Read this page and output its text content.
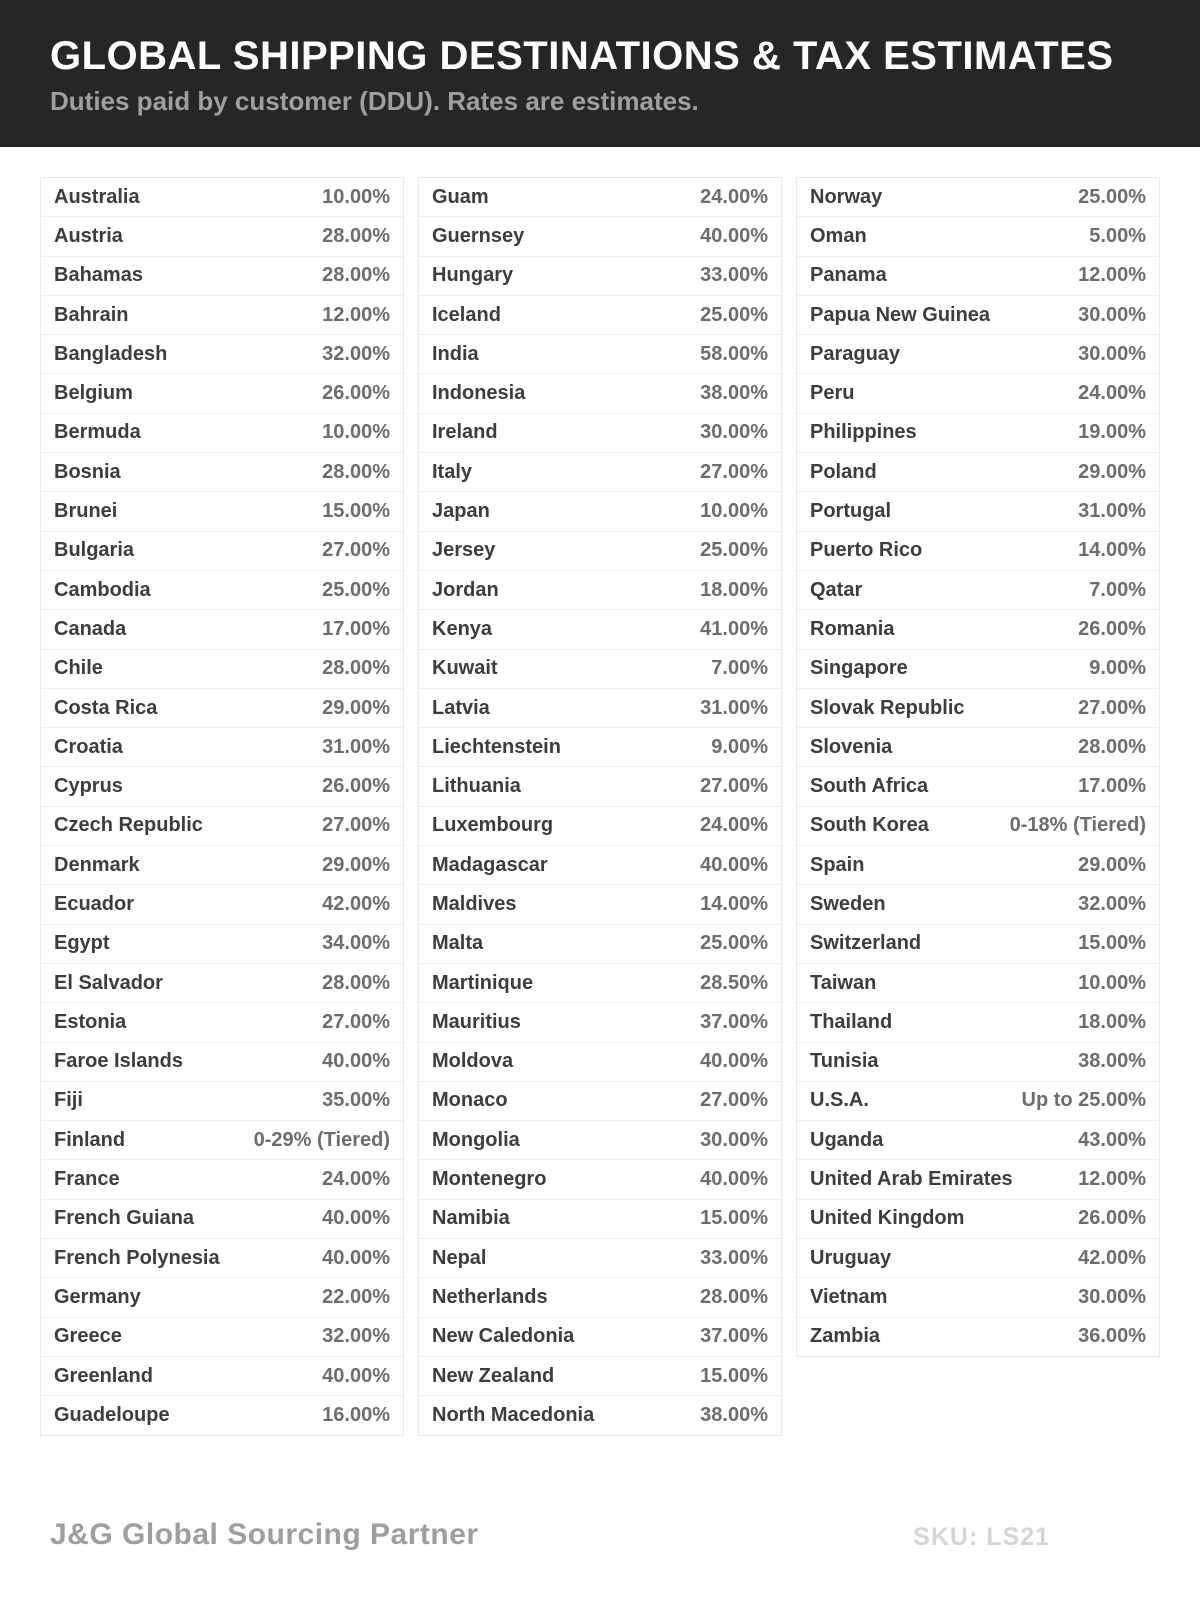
GLOBAL SHIPPING DESTINATIONS & TAX ESTIMATES

Duties paid by customer (DDU). Rates are estimates.

Australia	10.00%
Austria	28.00%
Bahamas	28.00%
Bahrain	12.00%
Bangladesh	32.00%
Belgium	26.00%
Bermuda	10.00%
Bosnia	28.00%
Brunei	15.00%
Bulgaria	27.00%
Cambodia	25.00%
Canada	17.00%
Chile	28.00%
Costa Rica	29.00%
Croatia	31.00%
Cyprus	26.00%
Czech Republic	27.00%
Denmark	29.00%
Ecuador	42.00%
Egypt	34.00%
El Salvador	28.00%
Estonia	27.00%
Faroe Islands	40.00%
Fiji	35.00%
Finland	0-29% (Tiered)
France	24.00%
French Guiana	40.00%
French Polynesia	40.00%
Germany	22.00%
Greece	32.00%
Greenland	40.00%
Guadeloupe	16.00%
Guam	24.00%
Guernsey	40.00%
Hungary	33.00%
Iceland	25.00%
India	58.00%
Indonesia	38.00%
Ireland	30.00%
Italy	27.00%
Japan	10.00%
Jersey	25.00%
Jordan	18.00%
Kenya	41.00%
Kuwait	7.00%
Latvia	31.00%
Liechtenstein	9.00%
Lithuania	27.00%
Luxembourg	24.00%
Madagascar	40.00%
Maldives	14.00%
Malta	25.00%
Martinique	28.50%
Mauritius	37.00%
Moldova	40.00%
Monaco	27.00%
Mongolia	30.00%
Montenegro	40.00%
Namibia	15.00%
Nepal	33.00%
Netherlands	28.00%
New Caledonia	37.00%
New Zealand	15.00%
North Macedonia	38.00%
Norway	25.00%
Oman	5.00%
Panama	12.00%
Papua New Guinea	30.00%
Paraguay	30.00%
Peru	24.00%
Philippines	19.00%
Poland	29.00%
Portugal	31.00%
Puerto Rico	14.00%
Qatar	7.00%
Romania	26.00%
Singapore	9.00%
Slovak Republic	27.00%
Slovenia	28.00%
South Africa	17.00%
South Korea	0-18% (Tiered)
Spain	29.00%
Sweden	32.00%
Switzerland	15.00%
Taiwan	10.00%
Thailand	18.00%
Tunisia	38.00%
U.S.A.	Up to 25.00%
Uganda	43.00%
United Arab Emirates	12.00%
United Kingdom	26.00%
Uruguay	42.00%
Vietnam	30.00%
Zambia	36.00%
J&G Global Sourcing Partner	SKU: LS21
